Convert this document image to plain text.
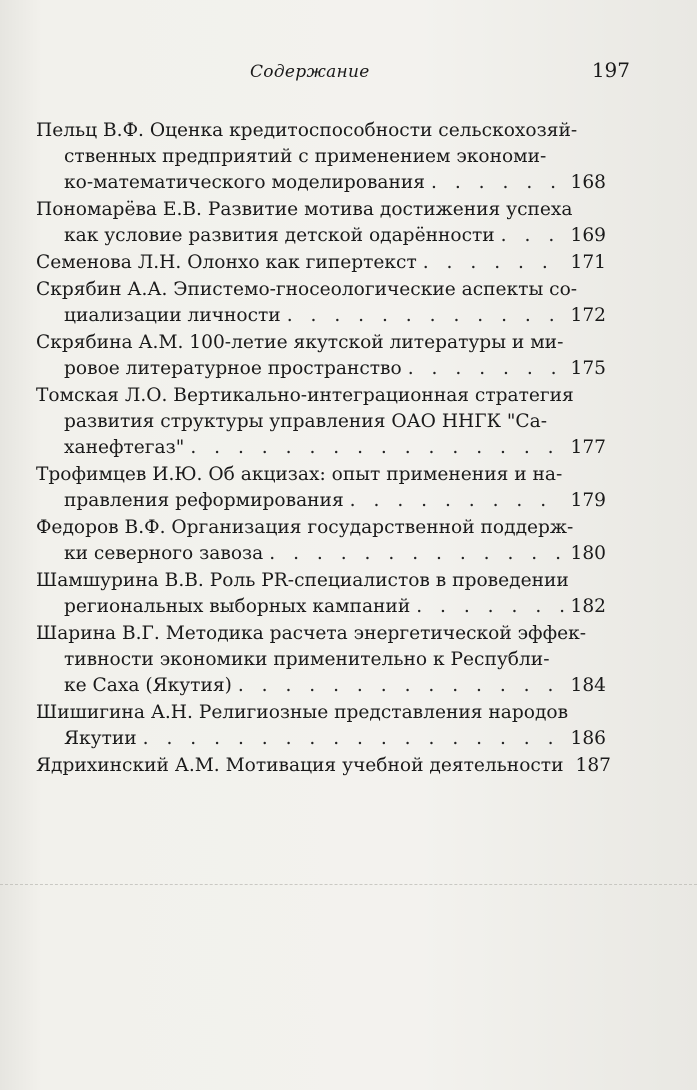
Содержание	197
Пельц В.Ф. Оценка кредитоспособности сельскохозяй-
ственных предприятий с применением экономи-
ко-математического моделирования . . .	168
Пономарёва Е.В. Развитие мотива достижения успеха
как условие развития детской одарённости . . .	169
Семенова Л.Н. Олонхо как гипертекст . . .	171
Скрябин А.А. Эпистемо-гносеологические аспекты со-
циализации личности . . .	172
Скрябина А.М. 100-летие якутской литературы и ми-
ровое литературное пространство . . .	175
Томская Л.О. Вертикально-интеграционная стратегия
развития структуры управления ОАО ННГК "Са-
ханефтегаз" . . .	177
Трофимцев И.Ю. Об акцизах: опыт применения и на-
правления реформирования . . .	179
Федоров В.Ф. Организация государственной поддерж-
ки северного завоза . . .	180
Шамшурина В.В. Роль PR-специалистов в проведении
региональных выборных кампаний . . .	182
Шарина В.Г. Методика расчета энергетической эффек-
тивности экономики применительно к Республи-
ке Саха (Якутия) . . .	184
Шишигина А.Н. Религиозные представления народов
Якутии . . .	186
Ядрихинский А.М. Мотивация учебной деятельности 187
